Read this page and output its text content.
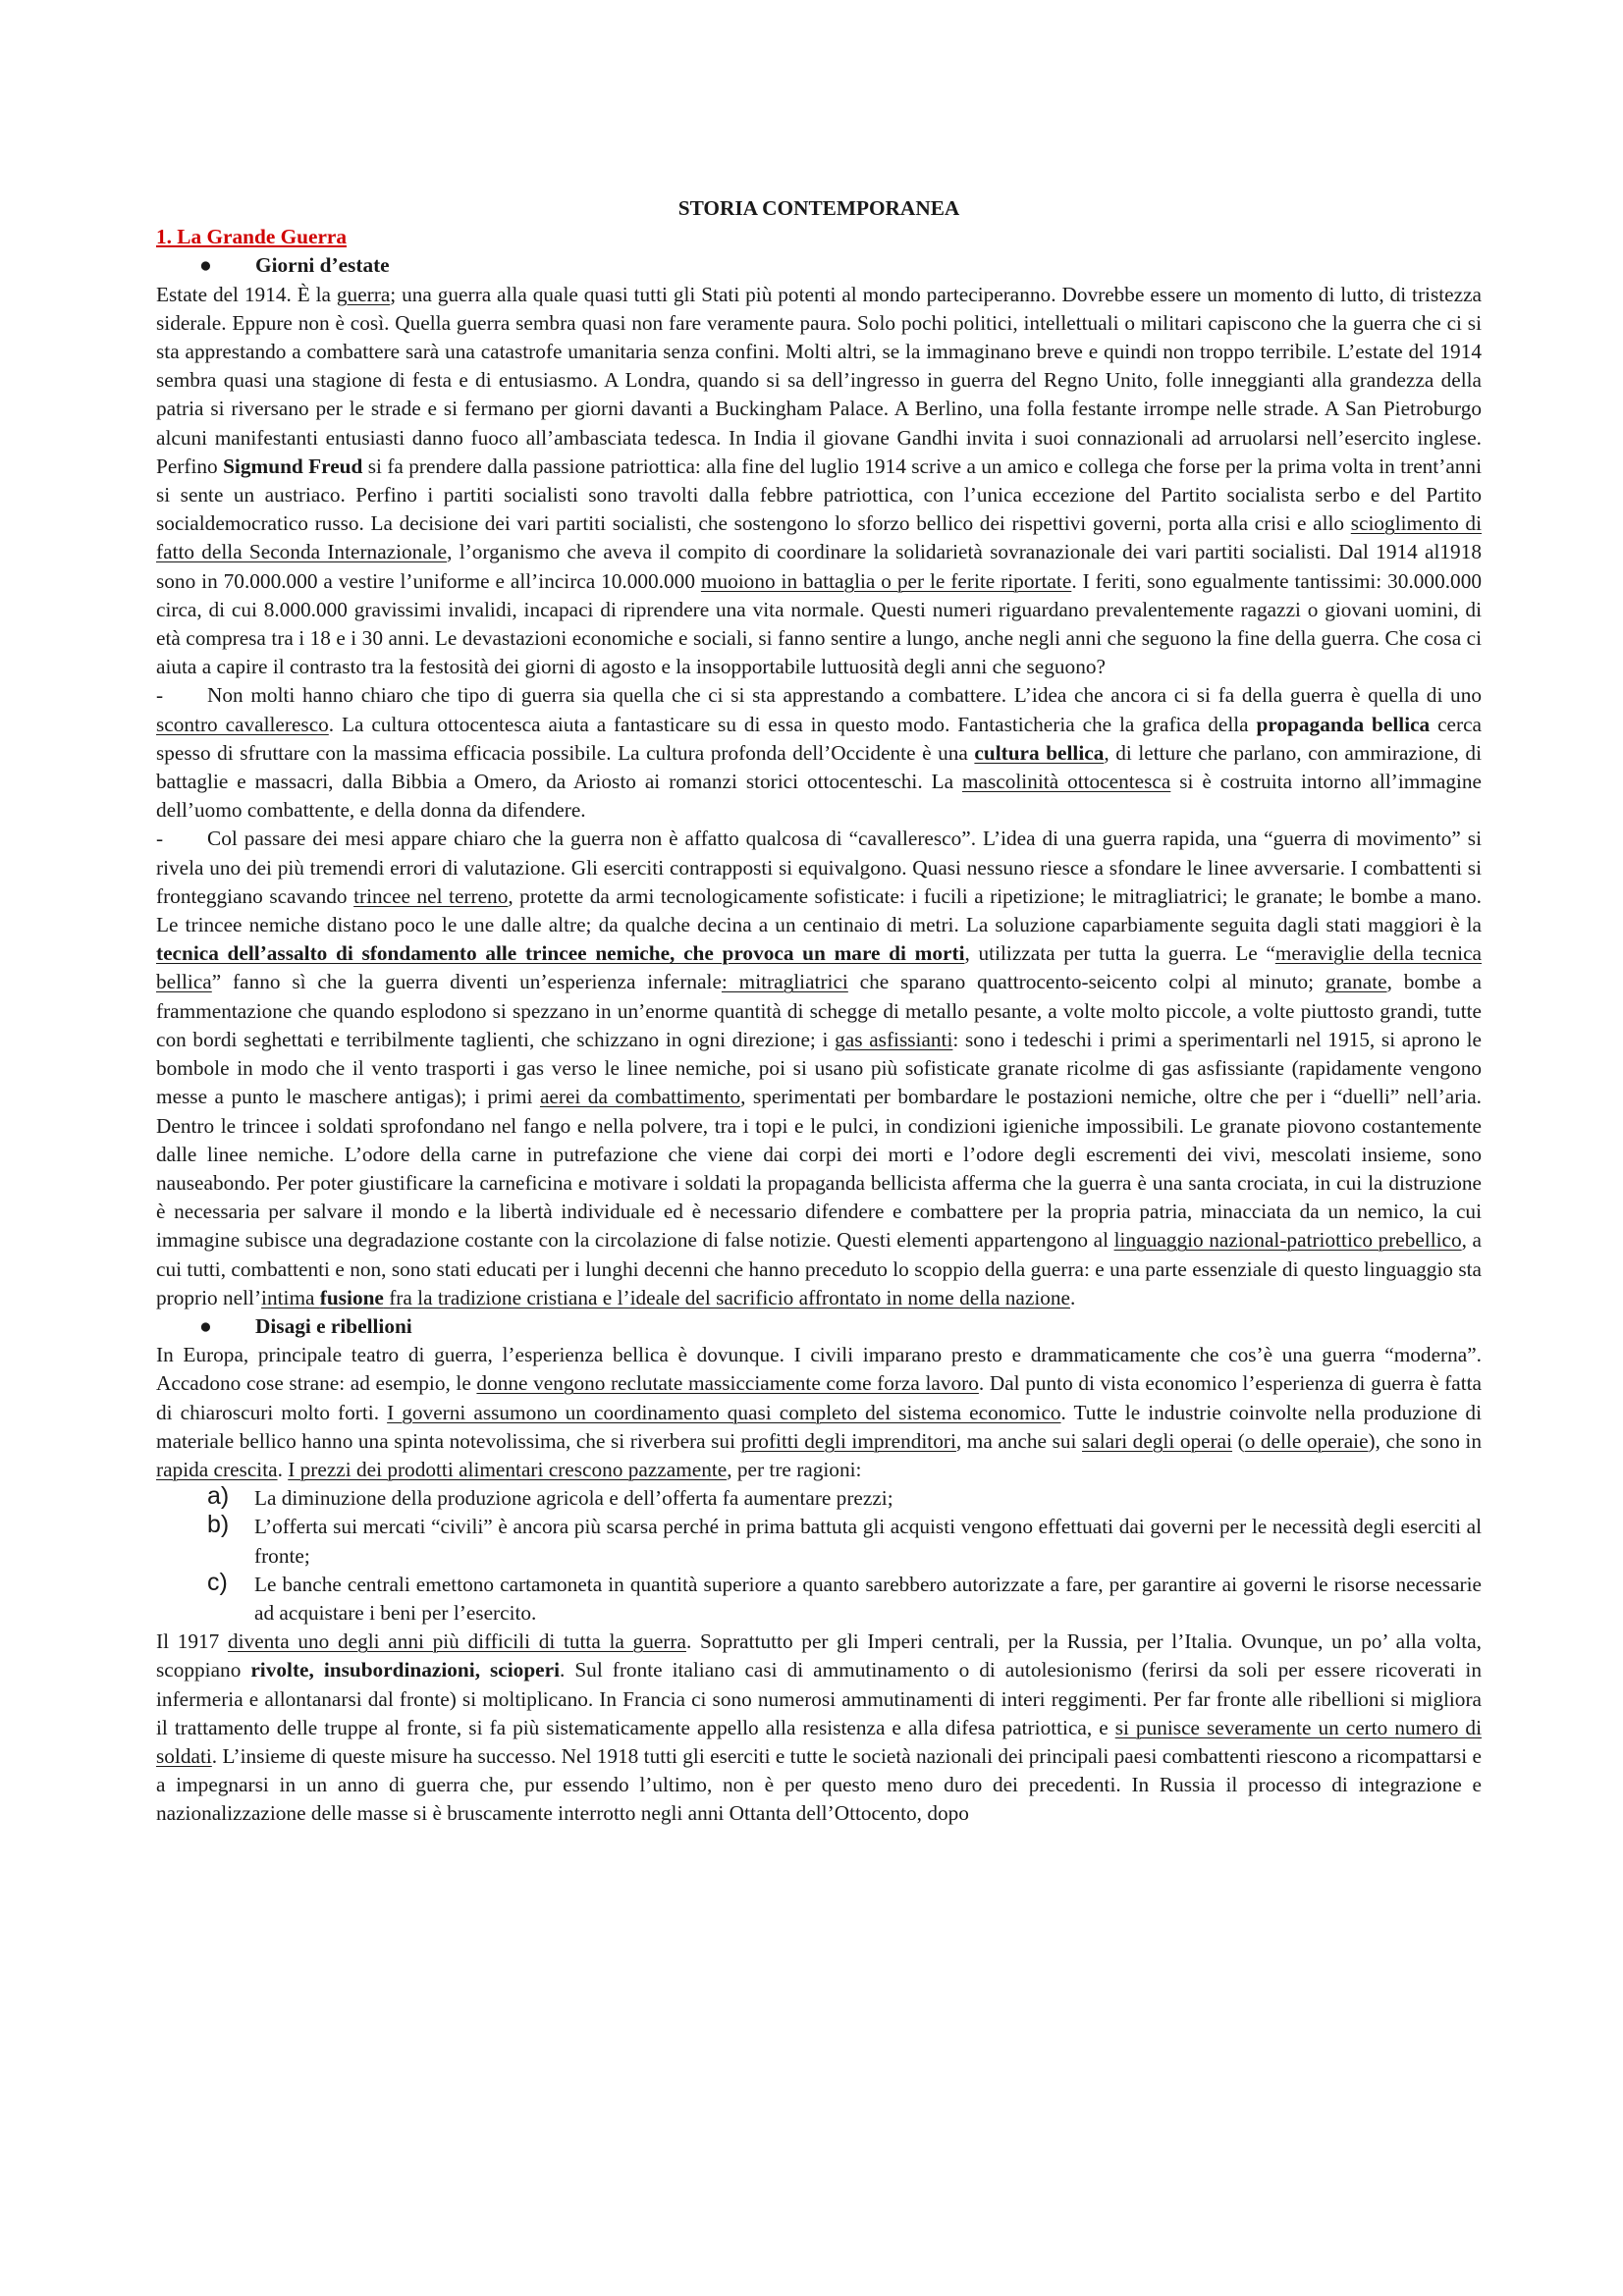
STORIA CONTEMPORANEA

1. La Grande Guerra

● Giorni d’estate

Estate del 1914. È la guerra; una guerra alla quale quasi tutti gli Stati più potenti al mondo parteciperanno. Dovrebbe essere un momento di lutto, di tristezza siderale. Eppure non è così. Quella guerra sembra quasi non fare veramente paura. Solo pochi politici, intellettuali o militari capiscono che la guerra che ci si sta apprestando a combattere sarà una catastrofe umanitaria senza confini. Molti altri, se la immaginano breve e quindi non troppo terribile. L’estate del 1914 sembra quasi una stagione di festa e di entusiasmo. A Londra, quando si sa dell’ingresso in guerra del Regno Unito, folle inneggianti alla grandezza della patria si riversano per le strade e si fermano per giorni davanti a Buckingham Palace. A Berlino, una folla festante irrompe nelle strade. A San Pietroburgo alcuni manifestanti entusiasti danno fuoco all’ambasciata tedesca. In India il giovane Gandhi invita i suoi connazionali ad arruolarsi nell’esercito inglese. Perfino Sigmund Freud si fa prendere dalla passione patriottica: alla fine del luglio 1914 scrive a un amico e collega che forse per la prima volta in trent’anni si sente un austriaco. Perfino i partiti socialisti sono travolti dalla febbre patriottica, con l’unica eccezione del Partito socialista serbo e del Partito socialdemocratico russo. La decisione dei vari partiti socialisti, che sostengono lo sforzo bellico dei rispettivi governi, porta alla crisi e allo scioglimento di fatto della Seconda Internazionale, l’organismo che aveva il compito di coordinare la solidarietà sovranazionale dei vari partiti socialisti. Dal 1914 al1918 sono in 70.000.000 a vestire l’uniforme e all’incirca 10.000.000 muoiono in battaglia o per le ferite riportate. I feriti, sono egualmente tantissimi: 30.000.000 circa, di cui 8.000.000 gravissimi invalidi, incapaci di riprendere una vita normale. Questi numeri riguardano prevalentemente ragazzi o giovani uomini, di età compresa tra i 18 e i 30 anni. Le devastazioni economiche e sociali, si fanno sentire a lungo, anche negli anni che seguono la fine della guerra. Che cosa ci aiuta a capire il contrasto tra la festosità dei giorni di agosto e la insopportabile luttuosità degli anni che seguono?

- Non molti hanno chiaro che tipo di guerra sia quella che ci si sta apprestando a combattere. L’idea che ancora ci si fa della guerra è quella di uno scontro cavalleresco. La cultura ottocentesca aiuta a fantasticare su di essa in questo modo. Fantasticheria che la grafica della propaganda bellica cerca spesso di sfruttare con la massima efficacia possibile. La cultura profonda dell’Occidente è una cultura bellica, di letture che parlano, con ammirazione, di battaglie e massacri, dalla Bibbia a Omero, da Ariosto ai romanzi storici ottocenteschi. La mascolinità ottocentesca si è costruita intorno all’immagine dell’uomo combattente, e della donna da difendere.

- Col passare dei mesi appare chiaro che la guerra non è affatto qualcosa di “cavalleresco”. L’idea di una guerra rapida, una “guerra di movimento” si rivela uno dei più tremendi errori di valutazione. Gli eserciti contrapposti si equivalgono. Quasi nessuno riesce a sfondare le linee avversarie. I combattenti si fronteggiano scavando trincee nel terreno, protette da armi tecnologicamente sofisticate: i fucili a ripetizione; le mitragliatrici; le granate; le bombe a mano. Le trincee nemiche distano poco le une dalle altre; da qualche decina a un centinaio di metri. La soluzione caparbiamente seguita dagli stati maggiori è la tecnica dell’assalto di sfondamento alle trincee nemiche, che provoca un mare di morti, utilizzata per tutta la guerra. Le “meraviglie della tecnica bellica” fanno sì che la guerra diventi un’esperienza infernale: mitragliatrici che sparano quattrocento-seicento colpi al minuto; granate, bombe a frammentazione che quando esplodono si spezzano in un’enorme quantità di schegge di metallo pesante, a volte molto piccole, a volte piuttosto grandi, tutte con bordi seghettati e terribilmente taglienti, che schizzano in ogni direzione; i gas asfissianti: sono i tedeschi i primi a sperimentarli nel 1915, si aprono le bombole in modo che il vento trasporti i gas verso le linee nemiche, poi si usano più sofisticate granate ricolme di gas asfissiante (rapidamente vengono messe a punto le maschere antigas); i primi aerei da combattimento, sperimentati per bombardare le postazioni nemiche, oltre che per i “duelli” nell’aria. Dentro le trincee i soldati sprofondano nel fango e nella polvere, tra i topi e le pulci, in condizioni igieniche impossibili. Le granate piovono costantemente dalle linee nemiche. L’odore della carne in putrefazione che viene dai corpi dei morti e l’odore degli escrementi dei vivi, mescolati insieme, sono nauseabondo. Per poter giustificare la carneficina e motivare i soldati la propaganda bellicista afferma che la guerra è una santa crociata, in cui la distruzione è necessaria per salvare il mondo e la libertà individuale ed è necessario difendere e combattere per la propria patria, minacciata da un nemico, la cui immagine subisce una degradazione costante con la circolazione di false notizie. Questi elementi appartengono al linguaggio nazional-patriottico prebellico, a cui tutti, combattenti e non, sono stati educati per i lunghi decenni che hanno preceduto lo scoppio della guerra: e una parte essenziale di questo linguaggio sta proprio nell’intima fusione fra la tradizione cristiana e l’ideale del sacrificio affrontato in nome della nazione.

● Disagi e ribellioni

In Europa, principale teatro di guerra, l’esperienza bellica è dovunque. I civili imparano presto e drammaticamente che cos’è una guerra “moderna”. Accadono cose strane: ad esempio, le donne vengono reclutate massicciamente come forza lavoro. Dal punto di vista economico l’esperienza di guerra è fatta di chiaroscuri molto forti. I governi assumono un coordinamento quasi completo del sistema economico. Tutte le industrie coinvolte nella produzione di materiale bellico hanno una spinta notevolissima, che si riverbera sui profitti degli imprenditori, ma anche sui salari degli operai (o delle operaie), che sono in rapida crescita. I prezzi dei prodotti alimentari crescono pazzamente, per tre ragioni:

a) La diminuzione della produzione agricola e dell’offerta fa aumentare prezzi;
b) L’offerta sui mercati “civili” è ancora più scarsa perché in prima battuta gli acquisti vengono effettuati dai governi per le necessità degli eserciti al fronte;
c) Le banche centrali emettono cartamoneta in quantità superiore a quanto sarebbero autorizzate a fare, per garantire ai governi le risorse necessarie ad acquistare i beni per l’esercito.

Il 1917 diventa uno degli anni più difficili di tutta la guerra. Soprattutto per gli Imperi centrali, per la Russia, per l’Italia. Ovunque, un po’ alla volta, scoppiano rivolte, insubordinazioni, scioperi. Sul fronte italiano casi di ammutinamento o di autolesionismo (ferirsi da soli per essere ricoverati in infermeria e allontanarsi dal fronte) si moltiplicano. In Francia ci sono numerosi ammutinamenti di interi reggimenti. Per far fronte alle ribellioni si migliora il trattamento delle truppe al fronte, si fa più sistematicamente appello alla resistenza e alla difesa patriottica, e si punisce severamente un certo numero di soldati. L’insieme di queste misure ha successo. Nel 1918 tutti gli eserciti e tutte le società nazionali dei principali paesi combattenti riescono a ricompattarsi e a impegnarsi in un anno di guerra che, pur essendo l’ultimo, non è per questo meno duro dei precedenti. In Russia il processo di integrazione e nazionalizzazione delle masse si è bruscamente interrotto negli anni Ottanta dell’Ottocento, dopo
